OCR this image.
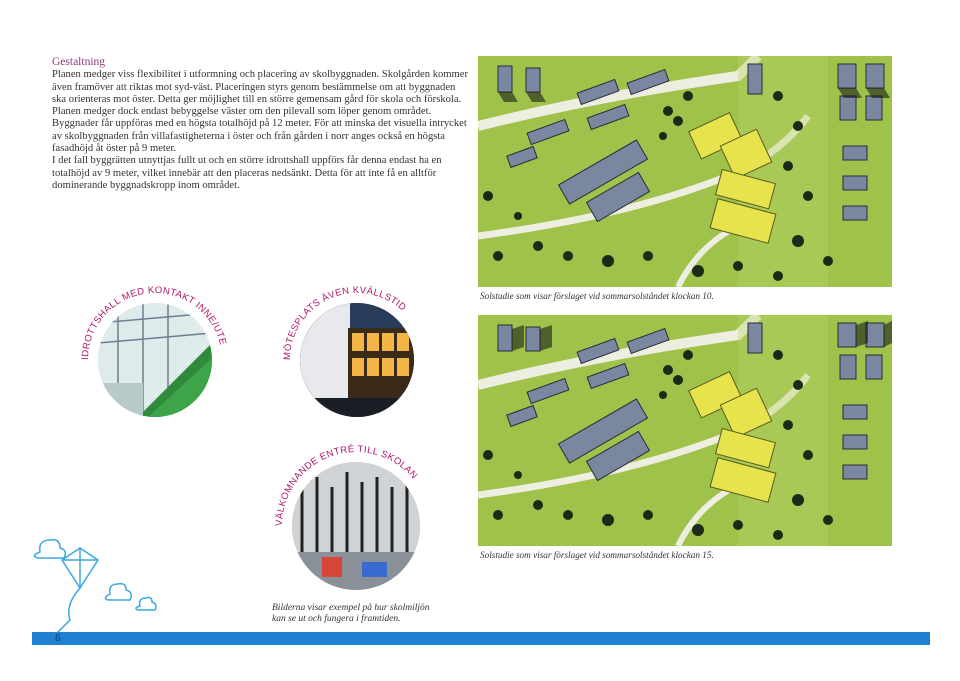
Gestaltning

Planen medger viss flexibilitet i utformning och placering av skolbyggnaden. Skolgården kommer även framöver att riktas mot syd-väst. Placeringen styrs genom bestämmelse om att byggnaden ska orienteras mot öster. Detta ger möjlighet till en större gemensam gård för skola och förskola. Planen medger dock endast bebyggelse väster om den pilevall som löper genom området.

Byggnader får uppföras med en högsta totalhöjd på 12 meter. För att minska det visuella intrycket av skolbyggnaden från villafastigheterna i öster och från gården i norr anges också en högsta fasadhöjd åt öster på 9 meter.

I det fall byggrätten utnyttjas fullt ut och en större idrottshall uppförs får denna endast ha en totalhöjd av 9 meter, vilket innebär att den placeras nedsänkt. Detta för att inte få en alltför dominerande byggnadskropp inom området.

Solstudie som visar förslaget vid sommarsolståndet klockan 10.
Solstudie som visar förslaget vid sommarsolståndet klockan 15.
IDROTTSHALL MED KONTAKT INNE/UTE
MÖTESPLATS ÄVEN KVÄLLSTID
VÄLKOMNANDE ENTRÉ TILL SKOLAN
Bilderna visar exempel på hur skolmiljön
kan se ut och fungera i framtiden.
6
